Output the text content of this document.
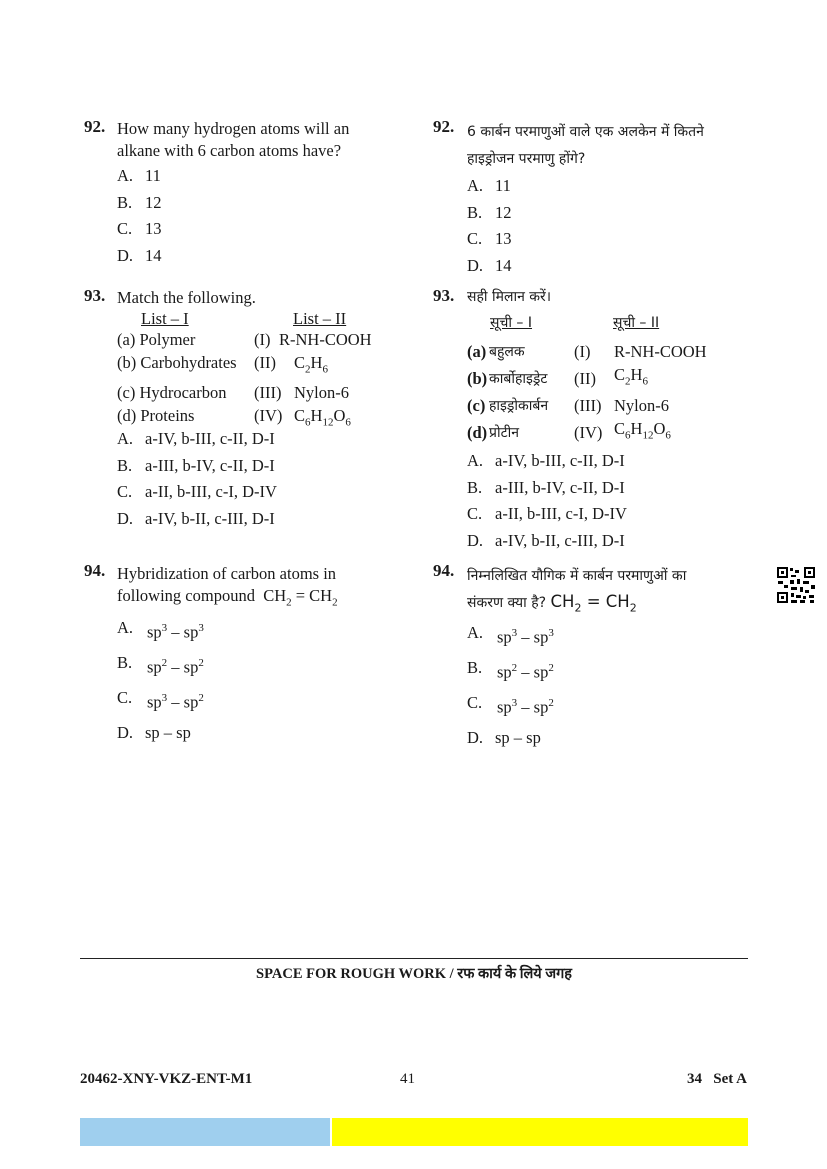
92. How many hydrogen atoms will an
alkane with 6 carbon atoms have?
A. 11
B. 12
C. 13
D. 14
93. Match the following.
List – I	List – II
(a) Polymer	(I) R-NH-COOH
(b) Carbohydrates	(II)	$C_2H_6$
(c) Hydrocarbon	(III) Nylon-6
(d) Proteins	(IV) $C_6H_{12}O_6$
A. a-IV, b-III, c-II, D-I
B. a-III, b-IV, c-II, D-I
C. a-II, b-III, c-I, D-IV
D. a-IV, b-II, c-III, D-I
94. Hybridization of carbon atoms in
following compound $CH_2 = CH_2$
A. $sp^3 - sp^3$
B. $sp^2 - sp^2$
C. $sp^3 - sp^2$
D. sp – sp
92. 6 कार्बन परमाणुओं वाले एक अलकेन में कितने
हाइड्रोजन परमाणु होंगे?
A. 11
B. 12
C. 13
D. 14
93. सही मिलान करें।
सूची – I	सूची – II
(a) बहुलक	(I)	R-NH-COOH
(b) कार्बोहाइड्रेट	(II)	$C_2H_6$
(c) हाइड्रोकार्बन	(III) Nylon-6
(d) प्रोटीन	(IV) $C_6H_{12}O_6$
A. a-IV, b-III, c-II, D-I
B. a-III, b-IV, c-II, D-I
C. a-II, b-III, c-I, D-IV
D. a-IV, b-II, c-III, D-I
94. निम्नलिखित यौगिक में कार्बन परमाणुओं का
संकरण क्या है? $CH_2 = CH_2$
A. $sp^3 - sp^3$
B. $sp^2 - sp^2$
C. $sp^3 - sp^2$
D. sp – sp
SPACE FOR ROUGH WORK / रफ कार्य के लिये जगह
20462-XNY-VKZ-ENT-M1	41	34   Set A
